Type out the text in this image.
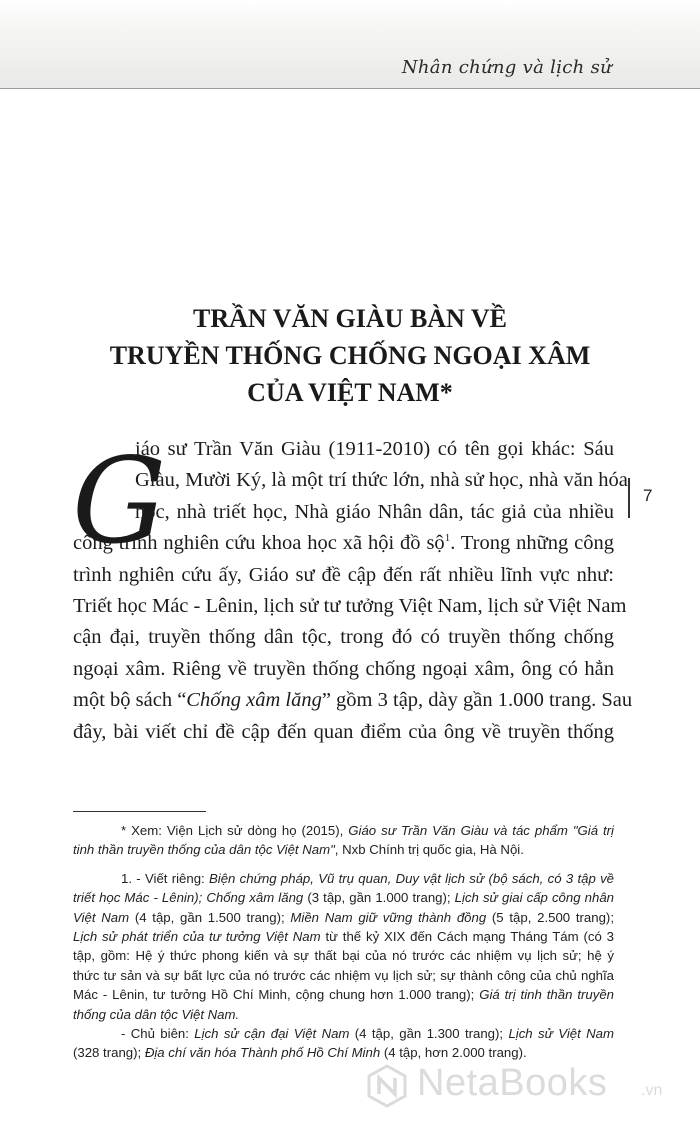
Nhân chứng và lịch sử
TRẦN VĂN GIÀU BÀN VỀ
TRUYỀN THỐNG CHỐNG NGOẠI XÂM
CỦA VIỆT NAM*
7
G
iáo sư Trần Văn Giàu (1911-2010) có tên gọi khác: Sáu
Giàu, Mười Ký, là một trí thức lớn, nhà sử học, nhà văn hóa
học, nhà triết học, Nhà giáo Nhân dân, tác giả của nhiều
công trình nghiên cứu khoa học xã hội đồ sộ$^1$. Trong những công
trình nghiên cứu ấy, Giáo sư đề cập đến rất nhiều lĩnh vực như:
Triết học Mác - Lênin, lịch sử tư tưởng Việt Nam, lịch sử Việt Nam
cận đại, truyền thống dân tộc, trong đó có truyền thống chống
ngoại xâm. Riêng về truyền thống chống ngoại xâm, ông có hẳn
một bộ sách “Chống xâm lăng” gồm 3 tập, dày gần 1.000 trang. Sau
đây, bài viết chỉ đề cập đến quan điểm của ông về truyền thống
* Xem: Viện Lịch sử dòng họ (2015), Giáo sư Trần Văn Giàu và tác phẩm "Giá trị
tinh thần truyền thống của dân tộc Việt Nam", Nxb Chính trị quốc gia, Hà Nội.
1. - Viết riêng: Biện chứng pháp, Vũ trụ quan, Duy vật lịch sử (bộ sách, có 3 tập về
triết học Mác - Lênin); Chống xâm lăng (3 tập, gần 1.000 trang); Lịch sử giai cấp công nhân
Việt Nam (4 tập, gần 1.500 trang); Miền Nam giữ vững thành đồng (5 tập, 2.500 trang);
Lịch sử phát triển của tư tưởng Việt Nam từ thế kỷ XIX đến Cách mạng Tháng Tám (có 3
tập, gồm: Hệ ý thức phong kiến và sự thất bại của nó trước các nhiệm vụ lịch sử; hệ ý
thức tư sản và sự bất lực của nó trước các nhiệm vụ lịch sử; sự thành công của chủ nghĩa
Mác - Lênin, tư tưởng Hồ Chí Minh, cộng chung hơn 1.000 trang); Giá trị tinh thần truyền
thống của dân tộc Việt Nam.
- Chủ biên: Lịch sử cận đại Việt Nam (4 tập, gần 1.300 trang); Lịch sử Việt Nam
(328 trang); Địa chí văn hóa Thành phố Hồ Chí Minh (4 tập, hơn 2.000 trang).
NetaBooks .vn
